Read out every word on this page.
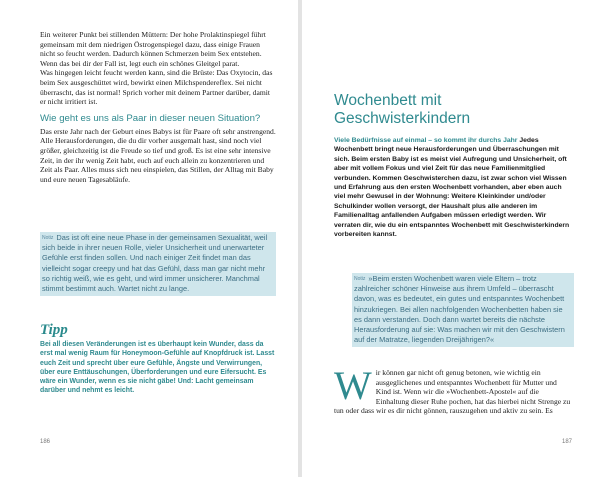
Ein weiterer Punkt bei stillenden Müttern: Der hohe Prolaktinspiegel führt gemeinsam mit dem niedrigen Östrogenspiegel dazu, dass einige Frauen nicht so feucht werden. Dadurch können Schmerzen beim Sex entstehen. Wenn das bei dir der Fall ist, legt euch ein schönes Gleitgel parat.

Was hingegen leicht feucht werden kann, sind die Brüste: Das Oxytocin, das beim Sex ausgeschüttet wird, bewirkt einen Milchspendereflex. Sei nicht überrascht, das ist normal! Sprich vorher mit deinem Partner darüber, damit er nicht irritiert ist.

Wie geht es uns als Paar in dieser neuen Situation?

Das erste Jahr nach der Geburt eines Babys ist für Paare oft sehr anstrengend. Alle Herausforderungen, die du dir vorher ausgemalt hast, sind noch viel größer, gleichzeitig ist die Freude so tief und groß. Es ist eine sehr intensive Zeit, in der ihr wenig Zeit habt, euch auf euch allein zu konzentrieren und Zeit als Paar. Alles muss sich neu einspielen, das Stillen, der Alltag mit Baby und eure neuen Tagesabläufe.

Notiz Das ist oft eine neue Phase in der gemeinsamen Sexualität, weil sich beide in ihrer neuen Rolle, vieler Unsicherheit und unerwarteter Gefühle erst finden sollen. Und nach einiger Zeit findet man das vielleicht sogar creepy und hat das Gefühl, dass man gar nicht mehr so richtig weiß, wie es geht, und wird immer unsicherer. Manchmal stimmt bestimmt auch. Wartet nicht zu lange.
Tipp

Bei all diesen Veränderungen ist es überhaupt kein Wunder, dass da erst mal wenig Raum für Honeymoon-Gefühle auf Knopfdruck ist. Lasst euch Zeit und sprecht über eure Gefühle, Ängste und Verwirrungen, über eure Enttäuschungen, Überforderungen und eure Eifersucht. Es wäre ein Wunder, wenn es sie nicht gäbe! Und: Lacht gemeinsam darüber und nehmt es leicht.

186
Wochenbett mit Geschwisterkindern

Viele Bedürfnisse auf einmal – so kommt ihr durchs Jahr Jedes Wochenbett bringt neue Herausforderungen und Überraschungen mit sich. Beim ersten Baby ist es meist viel Aufregung und Unsicherheit, oft aber mit vollem Fokus und viel Zeit für das neue Familienmitglied verbunden. Kommen Geschwisterchen dazu, ist zwar schon viel Wissen und Erfahrung aus den ersten Wochenbett vorhanden, aber eben auch viel mehr Gewusel in der Wohnung: Weitere Kleinkinder und/oder Schulkinder wollen versorgt, der Haushalt plus alle anderen im Familienalltag anfallenden Aufgaben müssen erledigt werden. Wir verraten dir, wie du ein entspanntes Wochenbett mit Geschwisterkindern vorbereiten kannst.

Notiz »Beim ersten Wochenbett waren viele Eltern – trotz zahlreicher schöner Hinweise aus ihrem Umfeld – überrascht davon, was es bedeutet, ein gutes und entspanntes Wochenbett hinzukriegen. Bei allen nachfolgenden Wochenbetten haben sie es dann verstanden. Doch dann wartet bereits die nächste Herausforderung auf sie: Was machen wir mit den Geschwistern auf der Matratze, liegenden Dreijährigen?«

Wir können gar nicht oft genug betonen, wie wichtig ein ausgeglichenes und entspanntes Wochenbett für Mutter und Kind ist. Wenn wir die »Wochenbett-Apostel« auf die Einhaltung dieser Ruhe pochen, hat das hierbei nicht Strenge zu tun oder dass wir es dir nicht gönnen, rauszugehen und aktiv zu sein. Es

187
